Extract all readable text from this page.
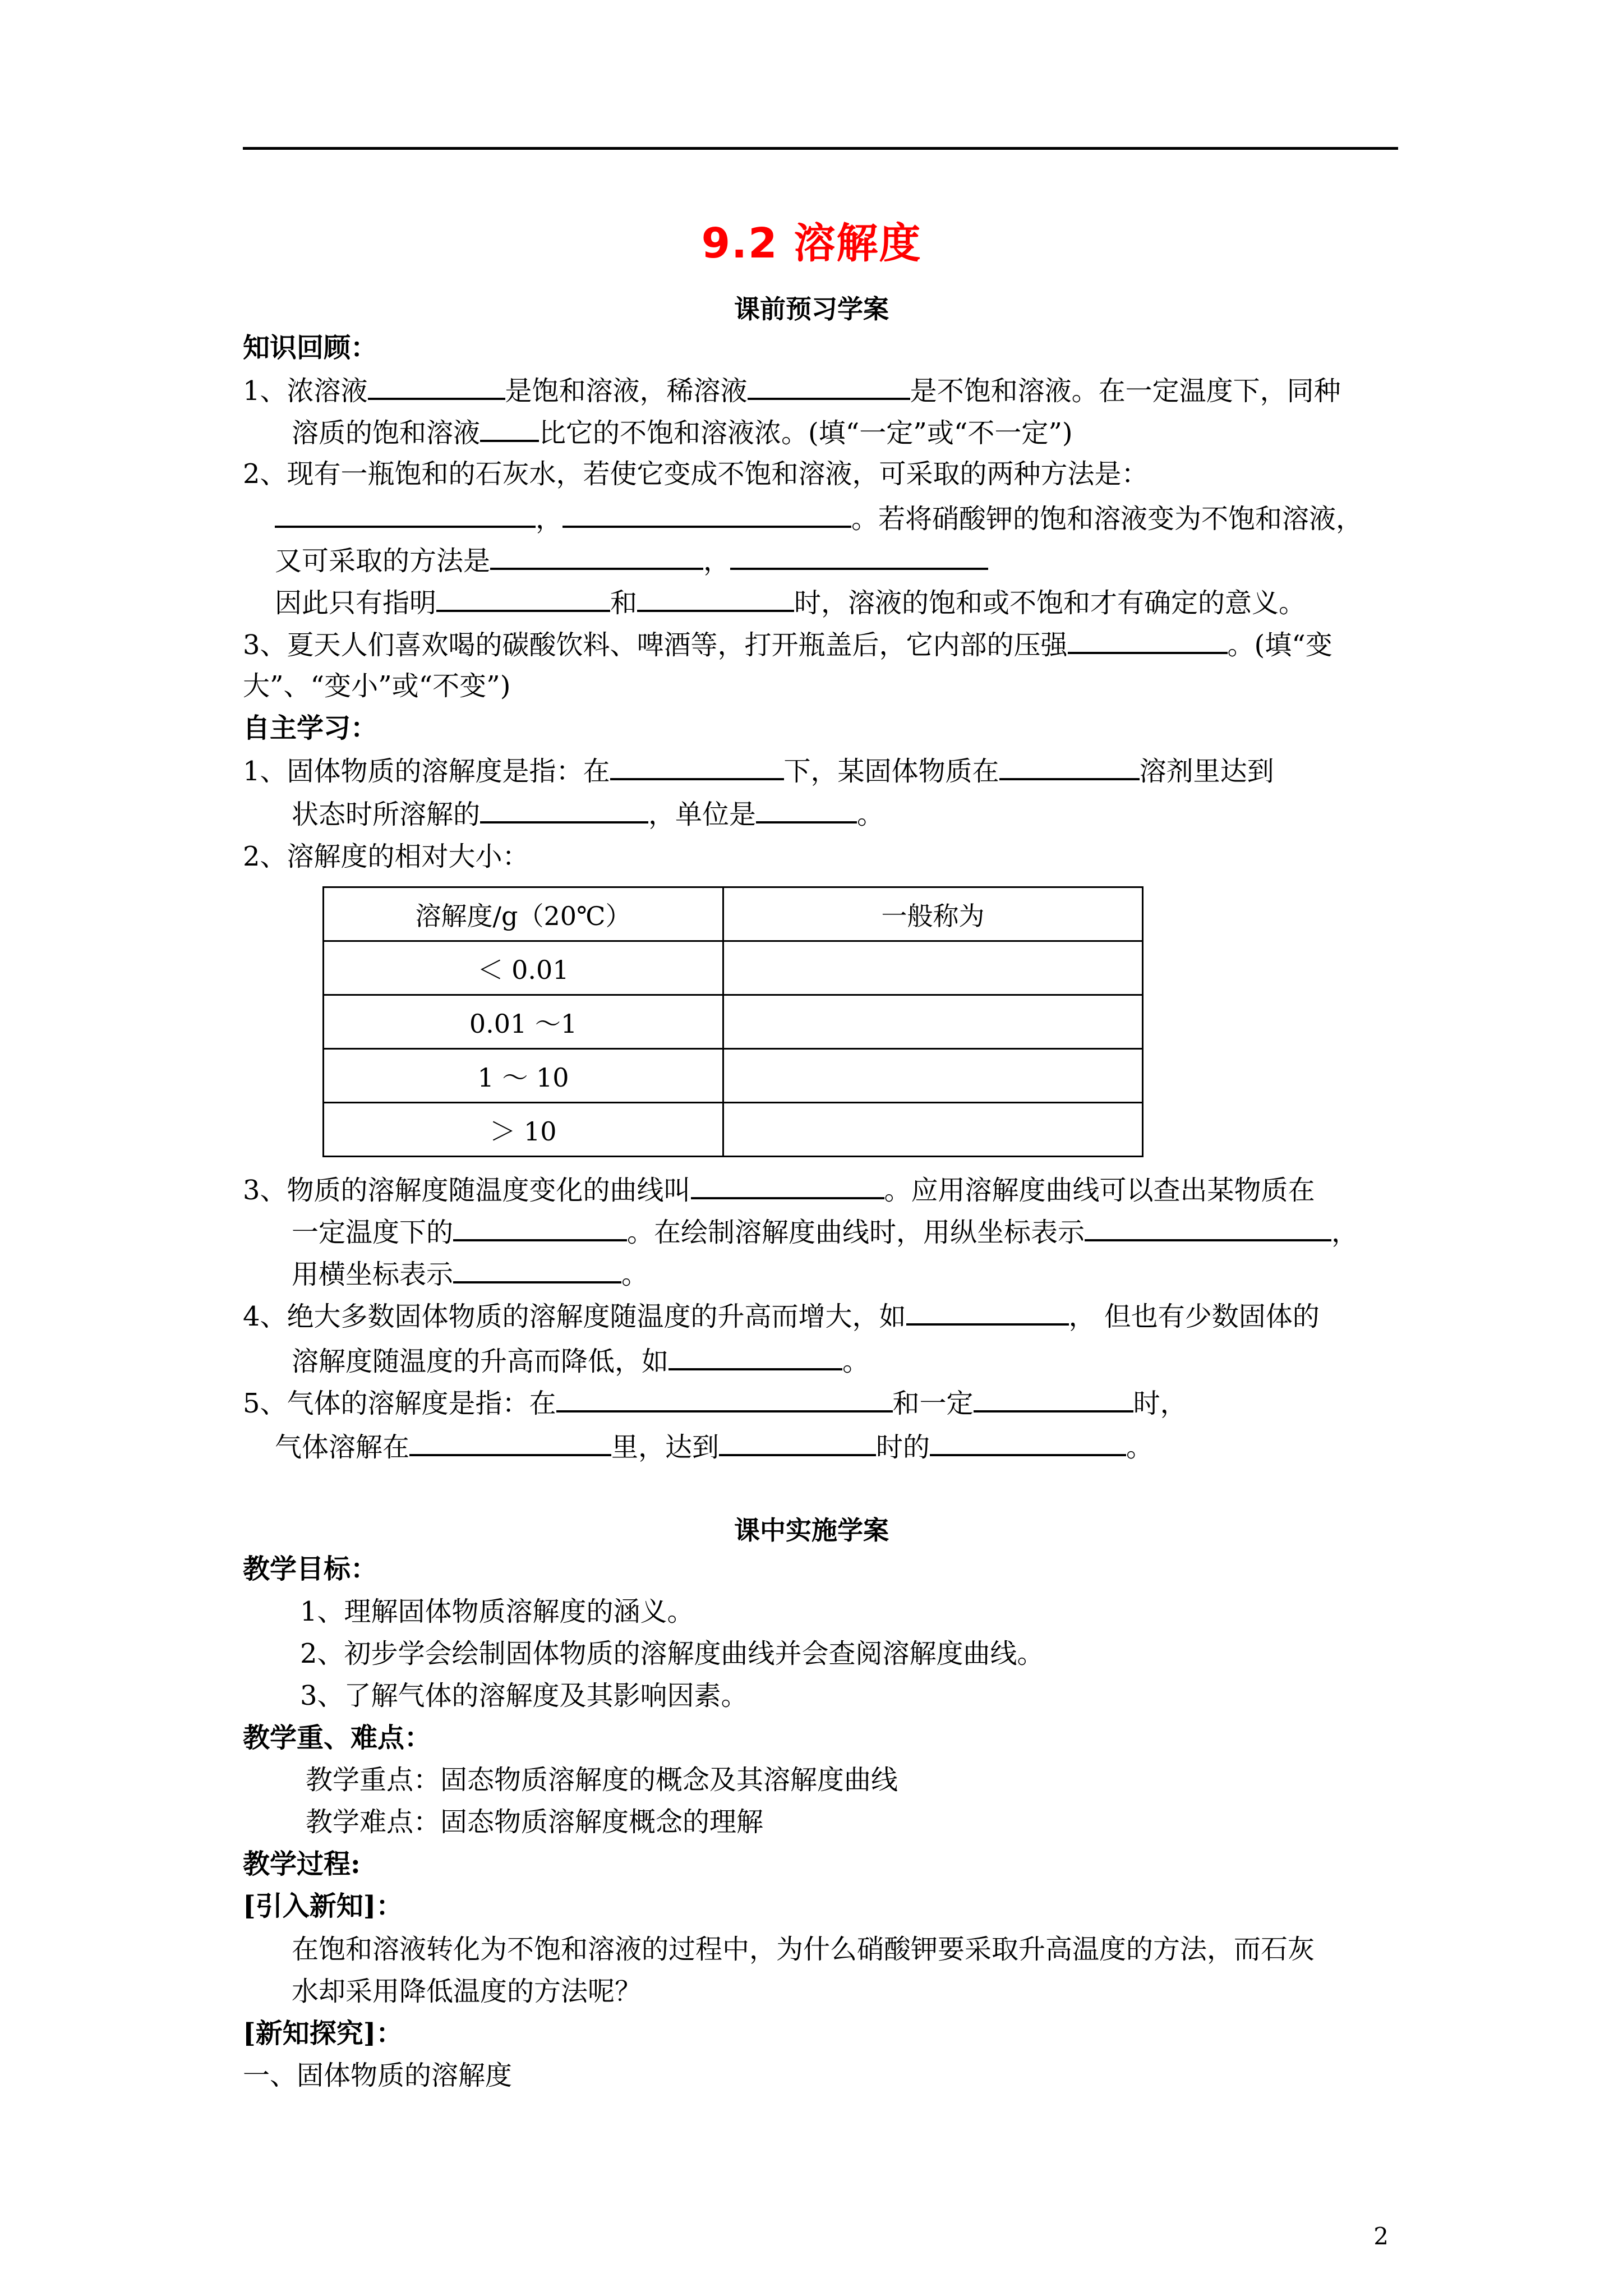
9.2 溶解度
课前预习学案
知识回顾：
1、浓溶液	是饱和溶液，稀溶液	是不饱和溶液。在一定温度下，同种
溶质的饱和溶液 比它的不饱和溶液浓。(填“一定”或“不一定”)
2、现有一瓶饱和的石灰水，若使它变成不饱和溶液，可采取的两种方法是：
，	。若将硝酸钾的饱和溶液变为不饱和溶液，
又可采取的方法是	，
因此只有指明	和	时，溶液的饱和或不饱和才有确定的意义。
3、夏天人们喜欢喝的碳酸饮料、啤酒等，打开瓶盖后，它内部的压强	。(填“变
大”、“变小”或“不变”)
自主学习：
1、固体物质的溶解度是指：在	下，某固体物质在	溶剂里达到
状态时所溶解的	，单位是	。
2、溶解度的相对大小：
溶解度/g（20℃）	一般称为
＜ 0.01	
0.01 ～1	
1 ～ 10	
＞ 10	
3、物质的溶解度随温度变化的曲线叫	。应用溶解度曲线可以查出某物质在
一定温度下的	。在绘制溶解度曲线时，用纵坐标表示	，
用横坐标表示	。
4、绝大多数固体物质的溶解度随温度的升高而增大，如	， 但也有少数固体的
溶解度随温度的升高而降低，如	。
5、气体的溶解度是指：在	和一定	时，
气体溶解在	里，达到	时的	。
课中实施学案
教学目标：
1、理解固体物质溶解度的涵义。
2、初步学会绘制固体物质的溶解度曲线并会查阅溶解度曲线。
3、了解气体的溶解度及其影响因素。
教学重、难点：
教学重点：固态物质溶解度的概念及其溶解度曲线
教学难点：固态物质溶解度概念的理解
教学过程:
[引入新知]：
在饱和溶液转化为不饱和溶液的过程中，为什么硝酸钾要采取升高温度的方法，而石灰
水却采用降低温度的方法呢？
[新知探究]：
一、固体物质的溶解度
2
